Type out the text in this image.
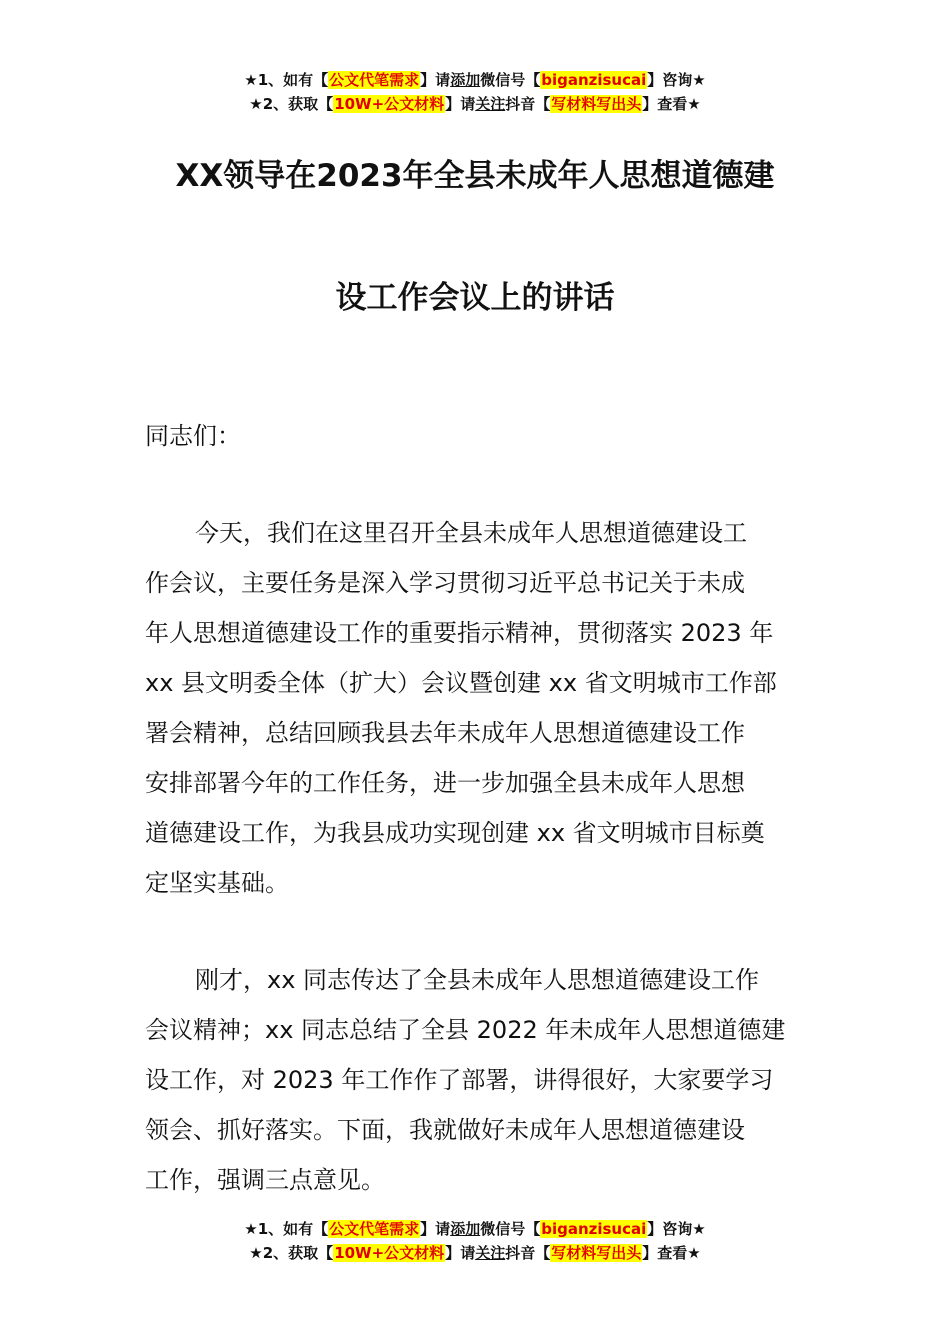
★1、如有【公文代笔需求】请添加微信号【biganzisucai】咨询★
★2、获取【10W+公文材料】请关注抖音【写材料写出头】查看★
XX领导在2023年全县未成年人思想道德建
设工作会议上的讲话

同志们：

今天，我们在这里召开全县未成年人思想道德建设工
作会议，主要任务是深入学习贯彻习近平总书记关于未成
年人思想道德建设工作的重要指示精神，贯彻落实 2023 年
xx 县文明委全体（扩大）会议暨创建 xx 省文明城市工作部
署会精神，总结回顾我县去年未成年人思想道德建设工作
安排部署今年的工作任务，进一步加强全县未成年人思想
道德建设工作，为我县成功实现创建 xx 省文明城市目标奠
定坚实基础。
刚才，xx 同志传达了全县未成年人思想道德建设工作
会议精神；xx 同志总结了全县 2022 年未成年人思想道德建
设工作，对 2023 年工作作了部署，讲得很好，大家要学习
领会、抓好落实。下面，我就做好未成年人思想道德建设
工作，强调三点意见。
★1、如有【公文代笔需求】请添加微信号【biganzisucai】咨询★
★2、获取【10W+公文材料】请关注抖音【写材料写出头】查看★
